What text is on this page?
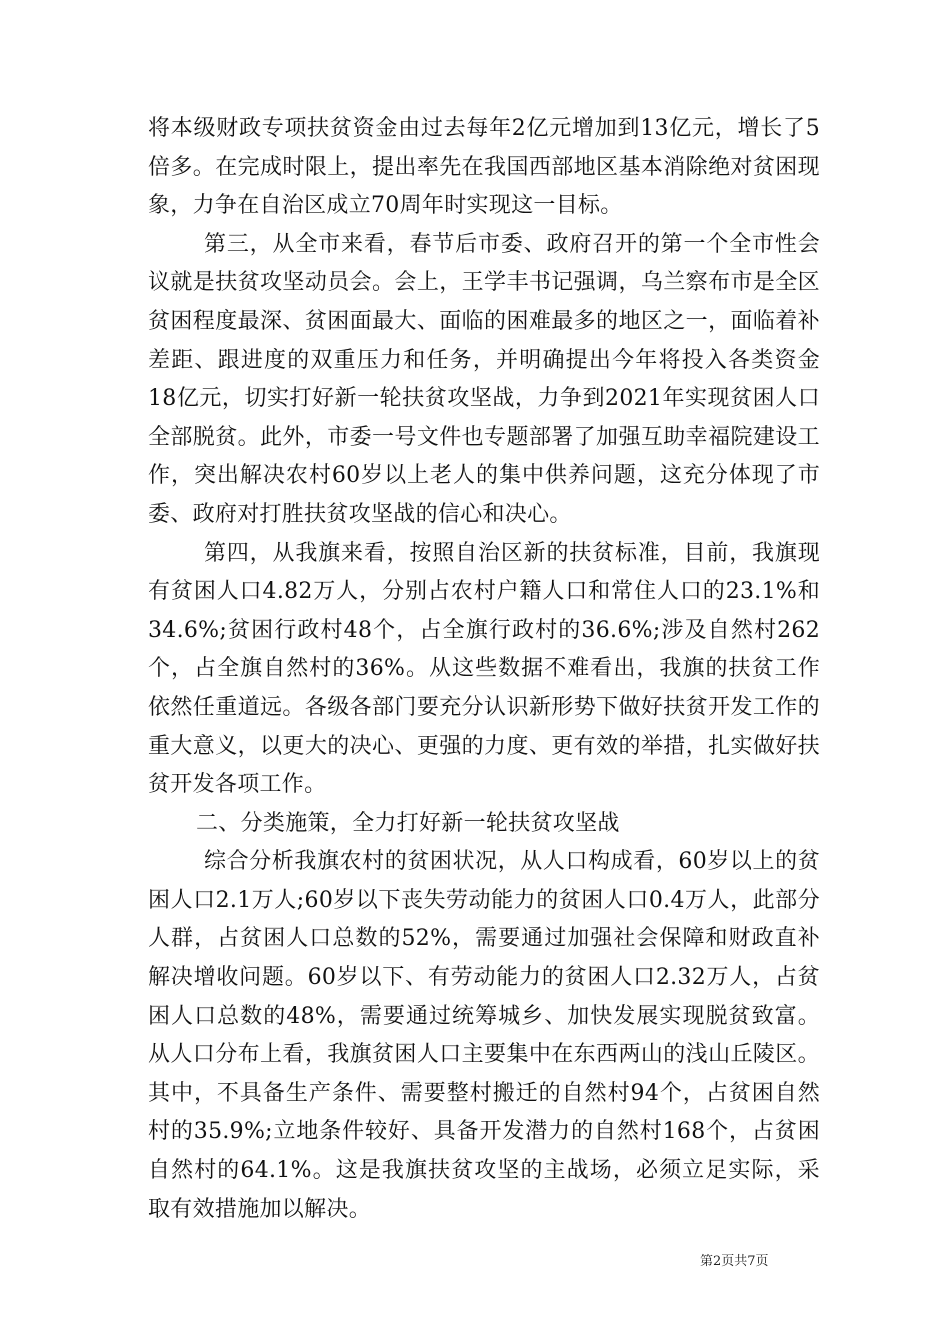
将本级财政专项扶贫资金由过去每年2亿元增加到13亿元，增长了5倍多。在完成时限上，提出率先在我国西部地区基本消除绝对贫困现象，力争在自治区成立70周年时实现这一目标。

第三，从全市来看，春节后市委、政府召开的第一个全市性会议就是扶贫攻坚动员会。会上，王学丰书记强调，乌兰察布市是全区贫困程度最深、贫困面最大、面临的困难最多的地区之一，面临着补差距、跟进度的双重压力和任务，并明确提出今年将投入各类资金18亿元，切实打好新一轮扶贫攻坚战，力争到2021年实现贫困人口全部脱贫。此外，市委一号文件也专题部署了加强互助幸福院建设工作，突出解决农村60岁以上老人的集中供养问题，这充分体现了市委、政府对打胜扶贫攻坚战的信心和决心。

第四，从我旗来看，按照自治区新的扶贫标准，目前，我旗现有贫困人口4.82万人，分别占农村户籍人口和常住人口的23.1%和34.6%;贫困行政村48个，占全旗行政村的36.6%;涉及自然村262个，占全旗自然村的36%。从这些数据不难看出，我旗的扶贫工作依然任重道远。各级各部门要充分认识新形势下做好扶贫开发工作的重大意义，以更大的决心、更强的力度、更有效的举措，扎实做好扶贫开发各项工作。

二、分类施策，全力打好新一轮扶贫攻坚战

综合分析我旗农村的贫困状况，从人口构成看，60岁以上的贫困人口2.1万人;60岁以下丧失劳动能力的贫困人口0.4万人，此部分人群，占贫困人口总数的52%，需要通过加强社会保障和财政直补解决增收问题。60岁以下、有劳动能力的贫困人口2.32万人，占贫困人口总数的48%，需要通过统筹城乡、加快发展实现脱贫致富。从人口分布上看，我旗贫困人口主要集中在东西两山的浅山丘陵区。其中，不具备生产条件、需要整村搬迁的自然村94个，占贫困自然村的35.9%;立地条件较好、具备开发潜力的自然村168个，占贫困自然村的64.1%。这是我旗扶贫攻坚的主战场，必须立足实际，采取有效措施加以解决。

第2页共7页
